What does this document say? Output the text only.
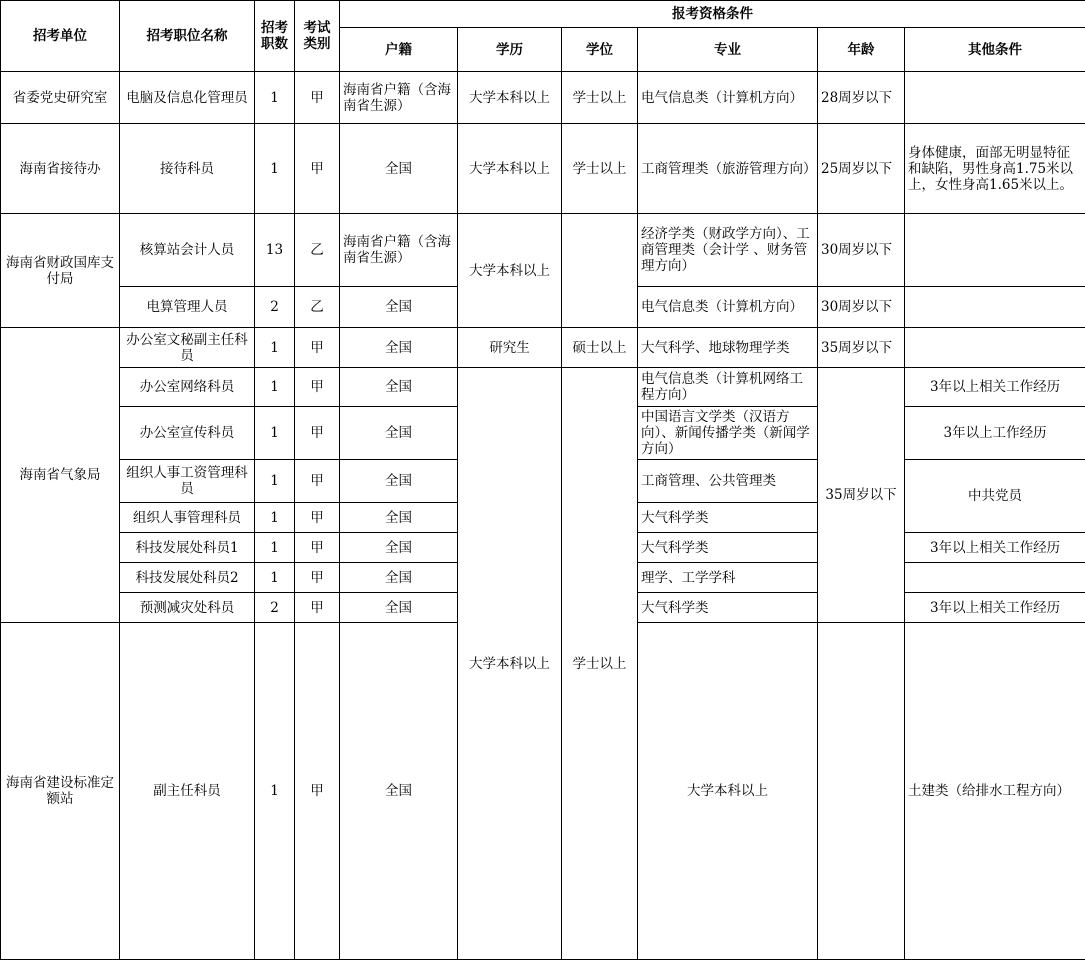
招考单位	招考职位名称	招考职数	考试类别	报考资格条件						
				户籍	学历	学位	专业	年龄	其他条件	
省委党史研究室	电脑及信息化管理员	1	甲	海南省户籍（含海南省生源）	大学本科以上	学士以上	电气信息类（计算机方向）	28周岁以下		
海南省接待办	接待科员	1	甲	全国	大学本科以上	学士以上	工商管理类（旅游管理方向）	25周岁以下	身体健康，面部无明显特征和缺陷，男性身高1.75米以上，女性身高1.65米以上。	
海南省财政国库支付局	核算站会计人员	13	乙	海南省户籍（含海南省生源）	大学本科以上		经济学类（财政学方向）、工商管理类（会计学 、财务管理方向）	30周岁以下		
	电算管理人员	2	乙	全国			电气信息类（计算机方向）	30周岁以下		
海南省气象局	办公室文秘副主任科员	1	甲	全国	研究生	硕士以上	大气科学、地球物理学类	35周岁以下		
	办公室网络科员	1	甲	全国	大学本科以上	学士以上	电气信息类（计算机网络工程方向）	35周岁以下	3年以上相关工作经历	
	办公室宣传科员	1	甲	全国			中国语言文学类（汉语方向）、新闻传播学类（新闻学方向）		3年以上工作经历	
	组织人事工资管理科员	1	甲	全国			工商管理、公共管理类		中共党员	
	组织人事管理科员	1	甲	全国			大气科学类			
	科技发展处科员1	1	甲	全国			大气科学类		3年以上相关工作经历	
	科技发展处科员2	1	甲	全国			理学、工学学科			
	预测减灾处科员	2	甲	全国			大气科学类		3年以上相关工作经历	
海南省建设标准定额站	副主任科员	1	甲	全国			大学本科以上		土建类（给排水工程方向）		
